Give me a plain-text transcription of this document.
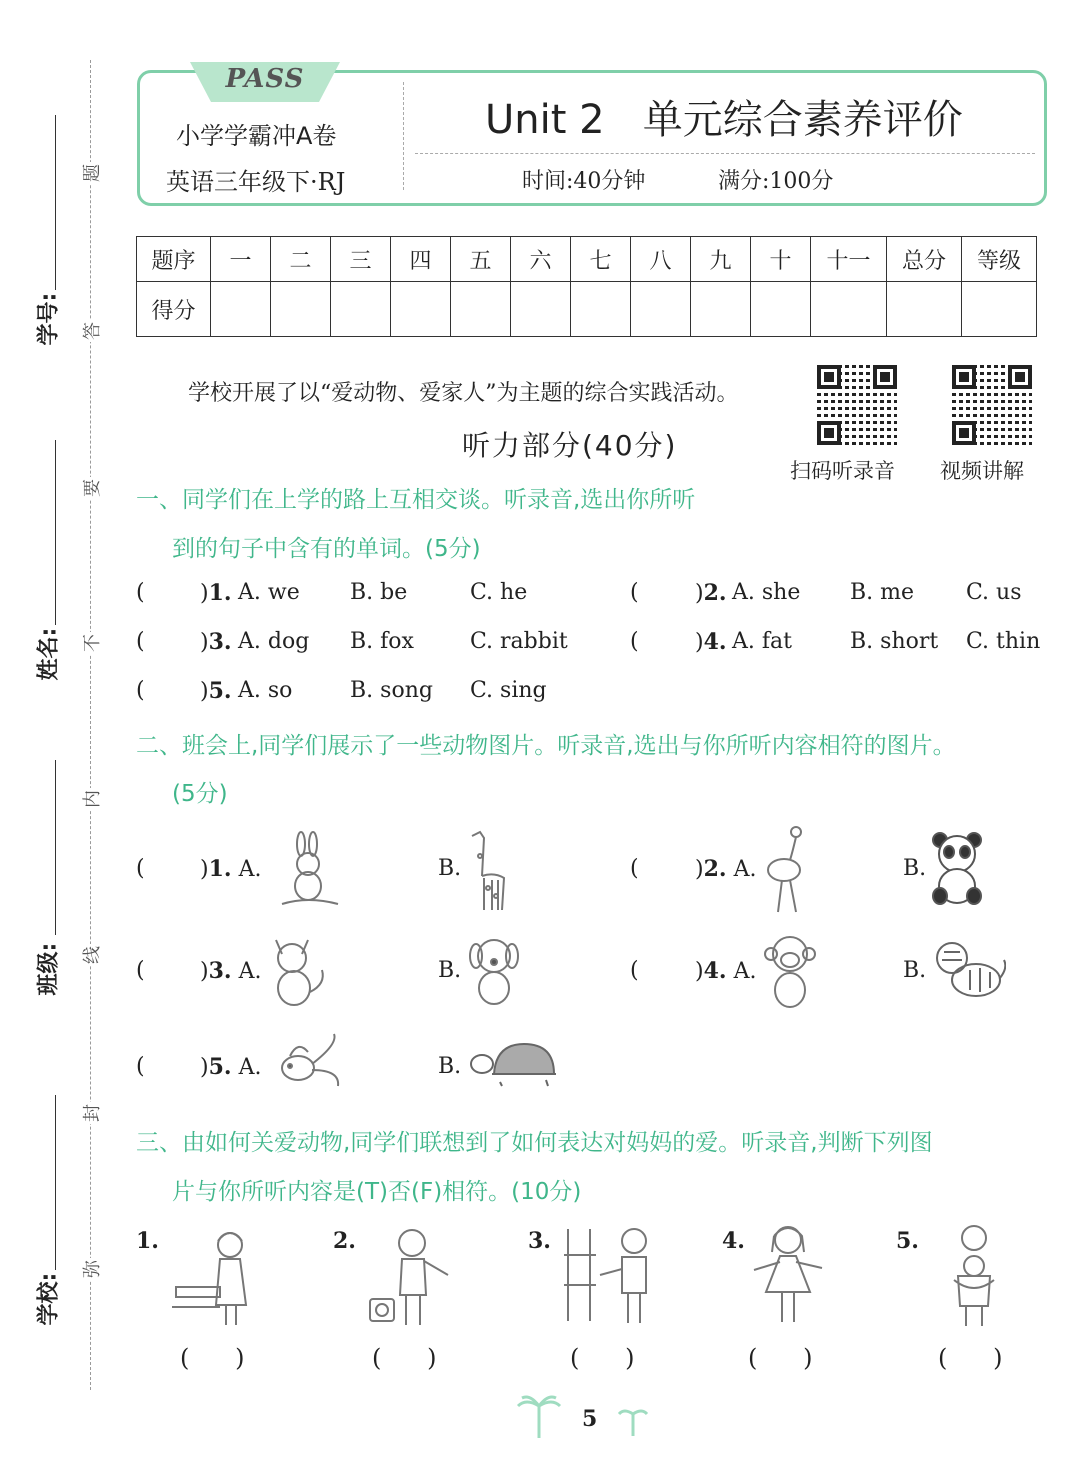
学号:
姓名:
班级:
学校:
题
答
要
不
内
线
封
弥
PASS
小学学霸冲A卷
英语三年级下·RJ
Unit 2   单元综合素养评价
时间:40分钟	满分:100分
题序	一	二	三	四	五	六	七	八	九	十	十一	总分	等级
得分													
学校开展了以“爱动物、爱家人”为主题的综合实践活动。
扫码听录音 视频讲解
听力部分(40分)
一、同学们在上学的路上互相交谈。听录音,选出你所听
到的句子中含有的单词。(5分)
(	)1. A. we B. be	C. he	(	)2. A. she B. me C. us
(	)3. A. dog B. fox	C. rabbit	(	)4. A. fat	B. short C. thin
(	)5. A. so	B. song C. sing
二、班会上,同学们展示了一些动物图片。听录音,选出与你所听内容相符的图片。
(5分)
(	)1. A.	B.	(	)2. A.	B.
(	)3. A.	B.	(	)4. A.	B.
(	)5. A.	B.
三、由如何关爱动物,同学们联想到了如何表达对妈妈的爱。听录音,判断下列图
片与你所听内容是(T)否(F)相符。(10分)
1.
(      )
2.
(      )
3.
(      )
4.
(      )
5.
(      )
5
